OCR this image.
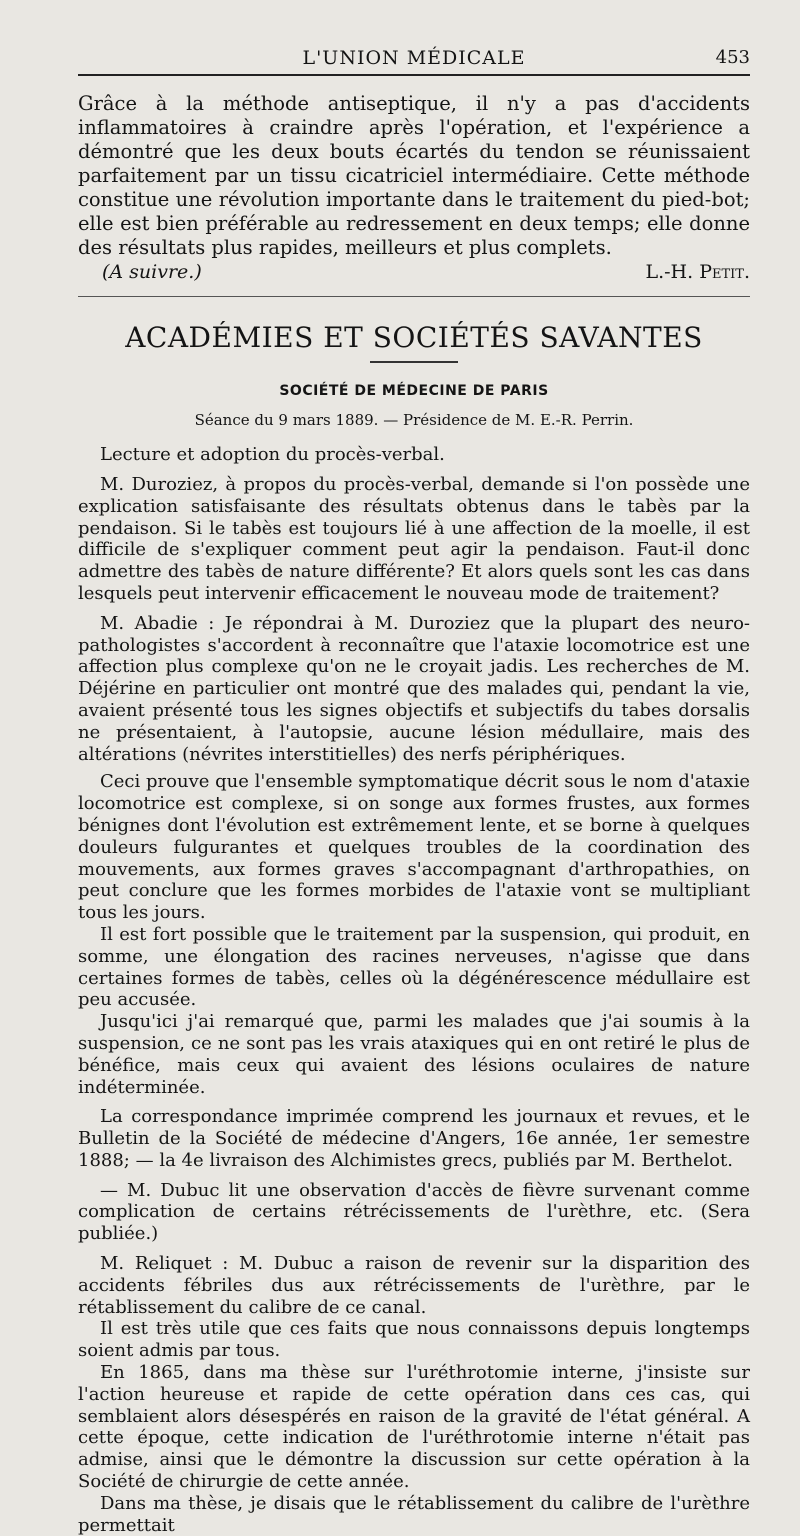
L'UNION MÉDICALE	453

Grâce à la méthode antiseptique, il n'y a pas d'accidents inflammatoires à craindre après l'opération, et l'expérience a démontré que les deux bouts écartés du tendon se réunissaient parfaitement par un tissu cicatriciel intermédiaire. Cette méthode constitue une révolution importante dans le traitement du pied-bot; elle est bien préférable au redressement en deux temps; elle donne des résultats plus rapides, meilleurs et plus complets.

(A suivre.)	L.-H. Petit.
ACADÉMIES ET SOCIÉTÉS SAVANTES
SOCIÉTÉ DE MÉDECINE DE PARIS
Séance du 9 mars 1889. — Présidence de M. E.-R. Perrin.

Lecture et adoption du procès-verbal.

M. Duroziez, à propos du procès-verbal, demande si l'on possède une explication satisfaisante des résultats obtenus dans le tabès par la pendaison. Si le tabès est toujours lié à une affection de la moelle, il est difficile de s'expliquer comment peut agir la pendaison. Faut-il donc admettre des tabès de nature différente? Et alors quels sont les cas dans lesquels peut intervenir efficacement le nouveau mode de traitement?

M. Abadie : Je répondrai à M. Duroziez que la plupart des neuro-pathologistes s'accordent à reconnaître que l'ataxie locomotrice est une affection plus complexe qu'on ne le croyait jadis. Les recherches de M. Déjérine en particulier ont montré que des malades qui, pendant la vie, avaient présenté tous les signes objectifs et subjectifs du tabes dorsalis ne présentaient, à l'autopsie, aucune lésion médullaire, mais des altérations (névrites interstitielles) des nerfs périphériques.

Ceci prouve que l'ensemble symptomatique décrit sous le nom d'ataxie locomotrice est complexe, si on songe aux formes frustes, aux formes bénignes dont l'évolution est extrêmement lente, et se borne à quelques douleurs fulgurantes et quelques troubles de la coordination des mouvements, aux formes graves s'accompagnant d'arthropathies, on peut conclure que les formes morbides de l'ataxie vont se multipliant tous les jours.

Il est fort possible que le traitement par la suspension, qui produit, en somme, une élongation des racines nerveuses, n'agisse que dans certaines formes de tabès, celles où la dégénérescence médullaire est peu accusée.

Jusqu'ici j'ai remarqué que, parmi les malades que j'ai soumis à la suspension, ce ne sont pas les vrais ataxiques qui en ont retiré le plus de bénéfice, mais ceux qui avaient des lésions oculaires de nature indéterminée.

La correspondance imprimée comprend les journaux et revues, et le Bulletin de la Société de médecine d'Angers, 16e année, 1er semestre 1888; — la 4e livraison des Alchimistes grecs, publiés par M. Berthelot.

— M. Dubuc lit une observation d'accès de fièvre survenant comme complication de certains rétrécissements de l'urèthre, etc. (Sera publiée.)

M. Reliquet : M. Dubuc a raison de revenir sur la disparition des accidents fébriles dus aux rétrécissements de l'urèthre, par le rétablissement du calibre de ce canal.

Il est très utile que ces faits que nous connaissons depuis longtemps soient admis par tous.

En 1865, dans ma thèse sur l'uréthrotomie interne, j'insiste sur l'action heureuse et rapide de cette opération dans ces cas, qui semblaient alors désespérés en raison de la gravité de l'état général. A cette époque, cette indication de l'uréthrotomie interne n'était pas admise, ainsi que le démontre la discussion sur cette opération à la Société de chirurgie de cette année.

Dans ma thèse, je disais que le rétablissement du calibre de l'urèthre permettait
